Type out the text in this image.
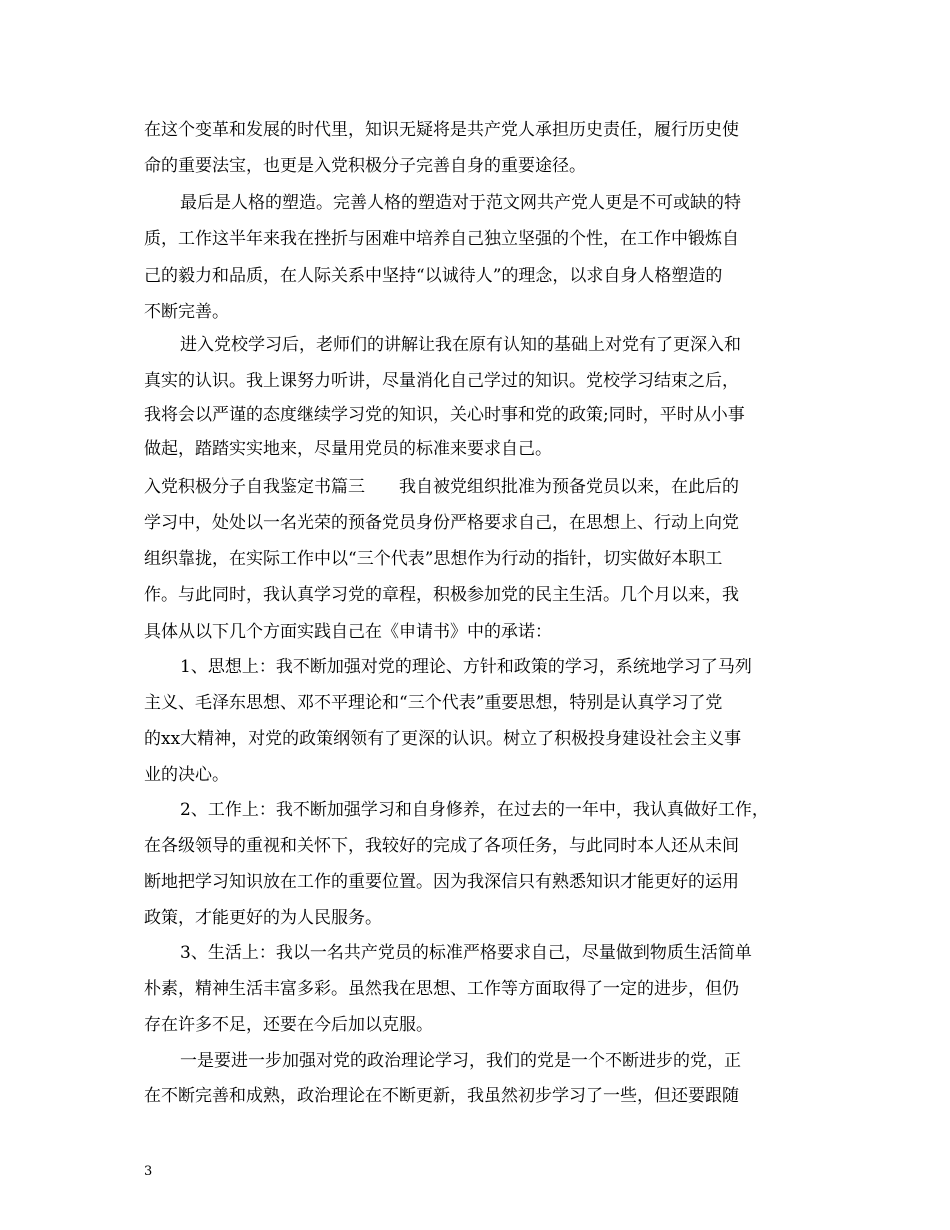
在这个变革和发展的时代里，知识无疑将是共产党人承担历史责任，履行历史使
命的重要法宝，也更是入党积极分子完善自身的重要途径。
最后是人格的塑造。完善人格的塑造对于范文网共产党人更是不可或缺的特
质，工作这半年来我在挫折与困难中培养自己独立坚强的个性，在工作中锻炼自
己的毅力和品质，在人际关系中坚持“以诚待人”的理念，以求自身人格塑造的
不断完善。
进入党校学习后，老师们的讲解让我在原有认知的基础上对党有了更深入和
真实的认识。我上课努力听讲，尽量消化自己学过的知识。党校学习结束之后，
我将会以严谨的态度继续学习党的知识，关心时事和党的政策;同时，平时从小事
做起，踏踏实实地来，尽量用党员的标准来要求自己。
入党积极分子自我鉴定书篇三　　我自被党组织批准为预备党员以来，在此后的
学习中，处处以一名光荣的预备党员身份严格要求自己，在思想上、行动上向党
组织靠拢，在实际工作中以“三个代表”思想作为行动的指针，切实做好本职工
作。与此同时，我认真学习党的章程，积极参加党的民主生活。几个月以来，我
具体从以下几个方面实践自己在《申请书》中的承诺：
1、思想上：我不断加强对党的理论、方针和政策的学习，系统地学习了马列
主义、毛泽东思想、邓不平理论和“三个代表”重要思想，特别是认真学习了党
的xx大精神，对党的政策纲领有了更深的认识。树立了积极投身建设社会主义事
业的决心。
2、工作上：我不断加强学习和自身修养，在过去的一年中，我认真做好工作，
在各级领导的重视和关怀下，我较好的完成了各项任务，与此同时本人还从未间
断地把学习知识放在工作的重要位置。因为我深信只有熟悉知识才能更好的运用
政策，才能更好的为人民服务。
3、生活上：我以一名共产党员的标准严格要求自己，尽量做到物质生活简单
朴素，精神生活丰富多彩。虽然我在思想、工作等方面取得了一定的进步，但仍
存在许多不足，还要在今后加以克服。
一是要进一步加强对党的政治理论学习，我们的党是一个不断进步的党，正
在不断完善和成熟，政治理论在不断更新，我虽然初步学习了一些，但还要跟随
3
